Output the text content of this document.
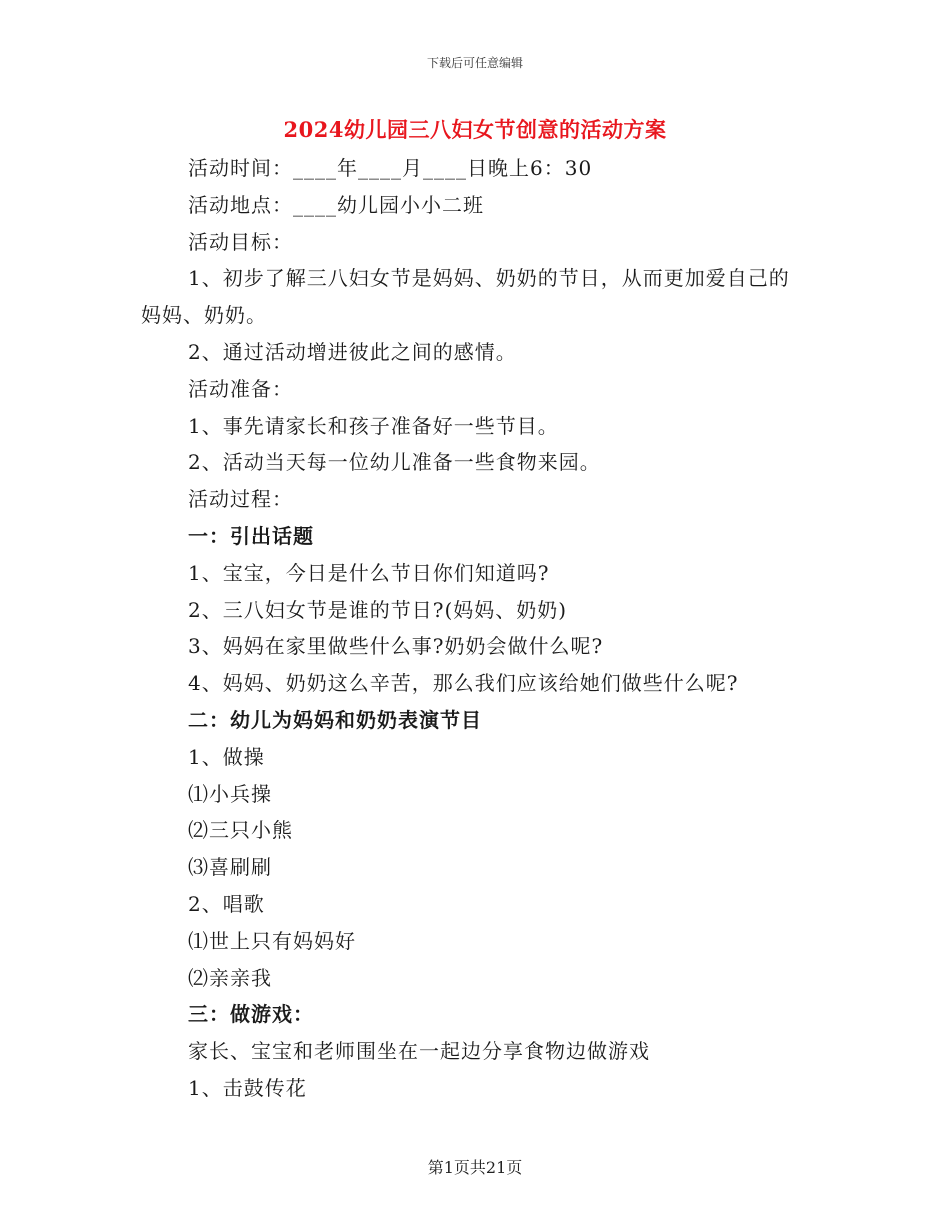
下载后可任意编辑
2024幼儿园三八妇女节创意的活动方案
活动时间：____年____月____日晚上6：30
活动地点：____幼儿园小小二班
活动目标：
1、初步了解三八妇女节是妈妈、奶奶的节日，从而更加爱自己的
妈妈、奶奶。
2、通过活动增进彼此之间的感情。
活动准备：
1、事先请家长和孩子准备好一些节目。
2、活动当天每一位幼儿准备一些食物来园。
活动过程：
一：引出话题
1、宝宝，今日是什么节日你们知道吗?
2、三八妇女节是谁的节日?(妈妈、奶奶)
3、妈妈在家里做些什么事?奶奶会做什么呢?
4、妈妈、奶奶这么辛苦，那么我们应该给她们做些什么呢?
二：幼儿为妈妈和奶奶表演节目
1、做操
⑴小兵操
⑵三只小熊
⑶喜刷刷
2、唱歌
⑴世上只有妈妈好
⑵亲亲我
三：做游戏：
家长、宝宝和老师围坐在一起边分享食物边做游戏
1、击鼓传花
第1页共21页
